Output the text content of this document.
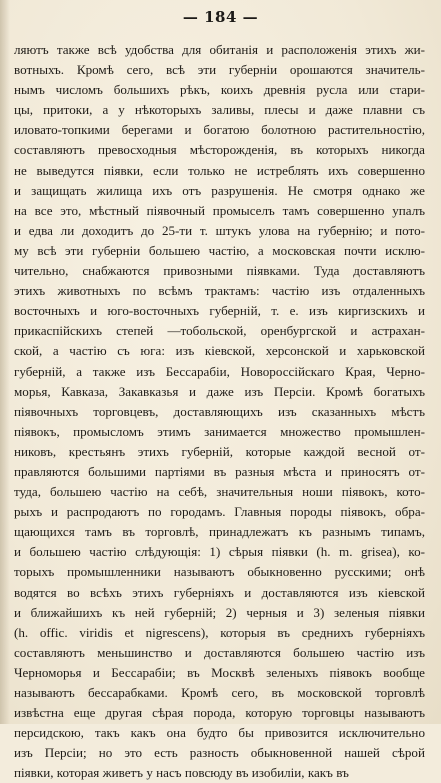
— 184 —
ляютъ также всѣ удобства для обитанія и расположенія этихъ жи-
вотныхъ. Кромѣ сего, всѣ эти губерніи орошаются значитель-
нымъ числомъ большихъ рѣкъ, коихъ древнія русла или стари-
цы, притоки, а у нѣкоторыхъ заливы, плесы и даже плавни съ
иловато-топкими берегами и богатою болотною растительностію,
составляютъ превосходныя мѣсторожденія, въ которыхъ никогда
не выведутся піявки, если только не истреблять ихъ совершенно
и защищать жилища ихъ отъ разрушенія. Не смотря однако же
на все это, мѣстный піявочный промыселъ тамъ совершенно упалъ
и едва ли доходитъ до 25-ти т. штукъ улова на губернію; и пото-
му всѣ эти губерніи большею частію, а московская почти исклю-
чительно, снабжаются привозными піявками. Туда доставляютъ
этихъ животныхъ по всѣмъ трактамъ: частію изъ отдаленныхъ
восточныхъ и юго-восточныхъ губерній, т. е. изъ киргизскихъ и
прикаспійскихъ степей —тобольской, оренбургской и астрахан-
ской, а частію съ юга: изъ кіевской, херсонской и харьковской
губерній, а также изъ Бессарабіи, Новороссійскаго Края, Черно-
морья, Кавказа, Закавказья и даже изъ Персіи. Кромѣ богатыхъ
піявочныхъ торговцевъ, доставляющихъ изъ сказанныхъ мѣстъ
піявокъ, промысломъ этимъ занимается множество промышлен-
никовъ, крестьянъ этихъ губерній, которые каждой весной от-
правляются большими партіями въ разныя мѣста и приносятъ от-
туда, большею частію на себѣ, значительныя ноши піявокъ, кото-
рыхъ и распродаютъ по городамъ. Главныя породы піявокъ, обра-
щающихся тамъ въ торговлѣ, принадлежатъ къ разнымъ типамъ,
и большею частію слѣдующія: 1) сѣрыя піявки (h. m. grisea), ко-
торыхъ промышленники называютъ обыкновенно русскими; онѣ
водятся во всѣхъ этихъ губерніяхъ и доставляются изъ кіевской
и ближайшихъ къ ней губерній; 2) черныя и 3) зеленыя піявки
(h. offic. viridis et nigrescens), которыя въ среднихъ губерніяхъ
составляютъ меньшинство и доставляются большею частію изъ
Черноморья и Бессарабіи; въ Москвѣ зеленыхъ піявокъ вообще
называютъ бессарабками. Кромѣ сего, въ московской торговлѣ
извѣстна еще другая сѣрая порода, которую торговцы называютъ
персидскою, такъ какъ она будто бы привозится исключительно
изъ Персіи; но это есть разность обыкновенной нашей сѣрой
піявки, которая живетъ у насъ повсюду въ изобиліи, какъ въ
